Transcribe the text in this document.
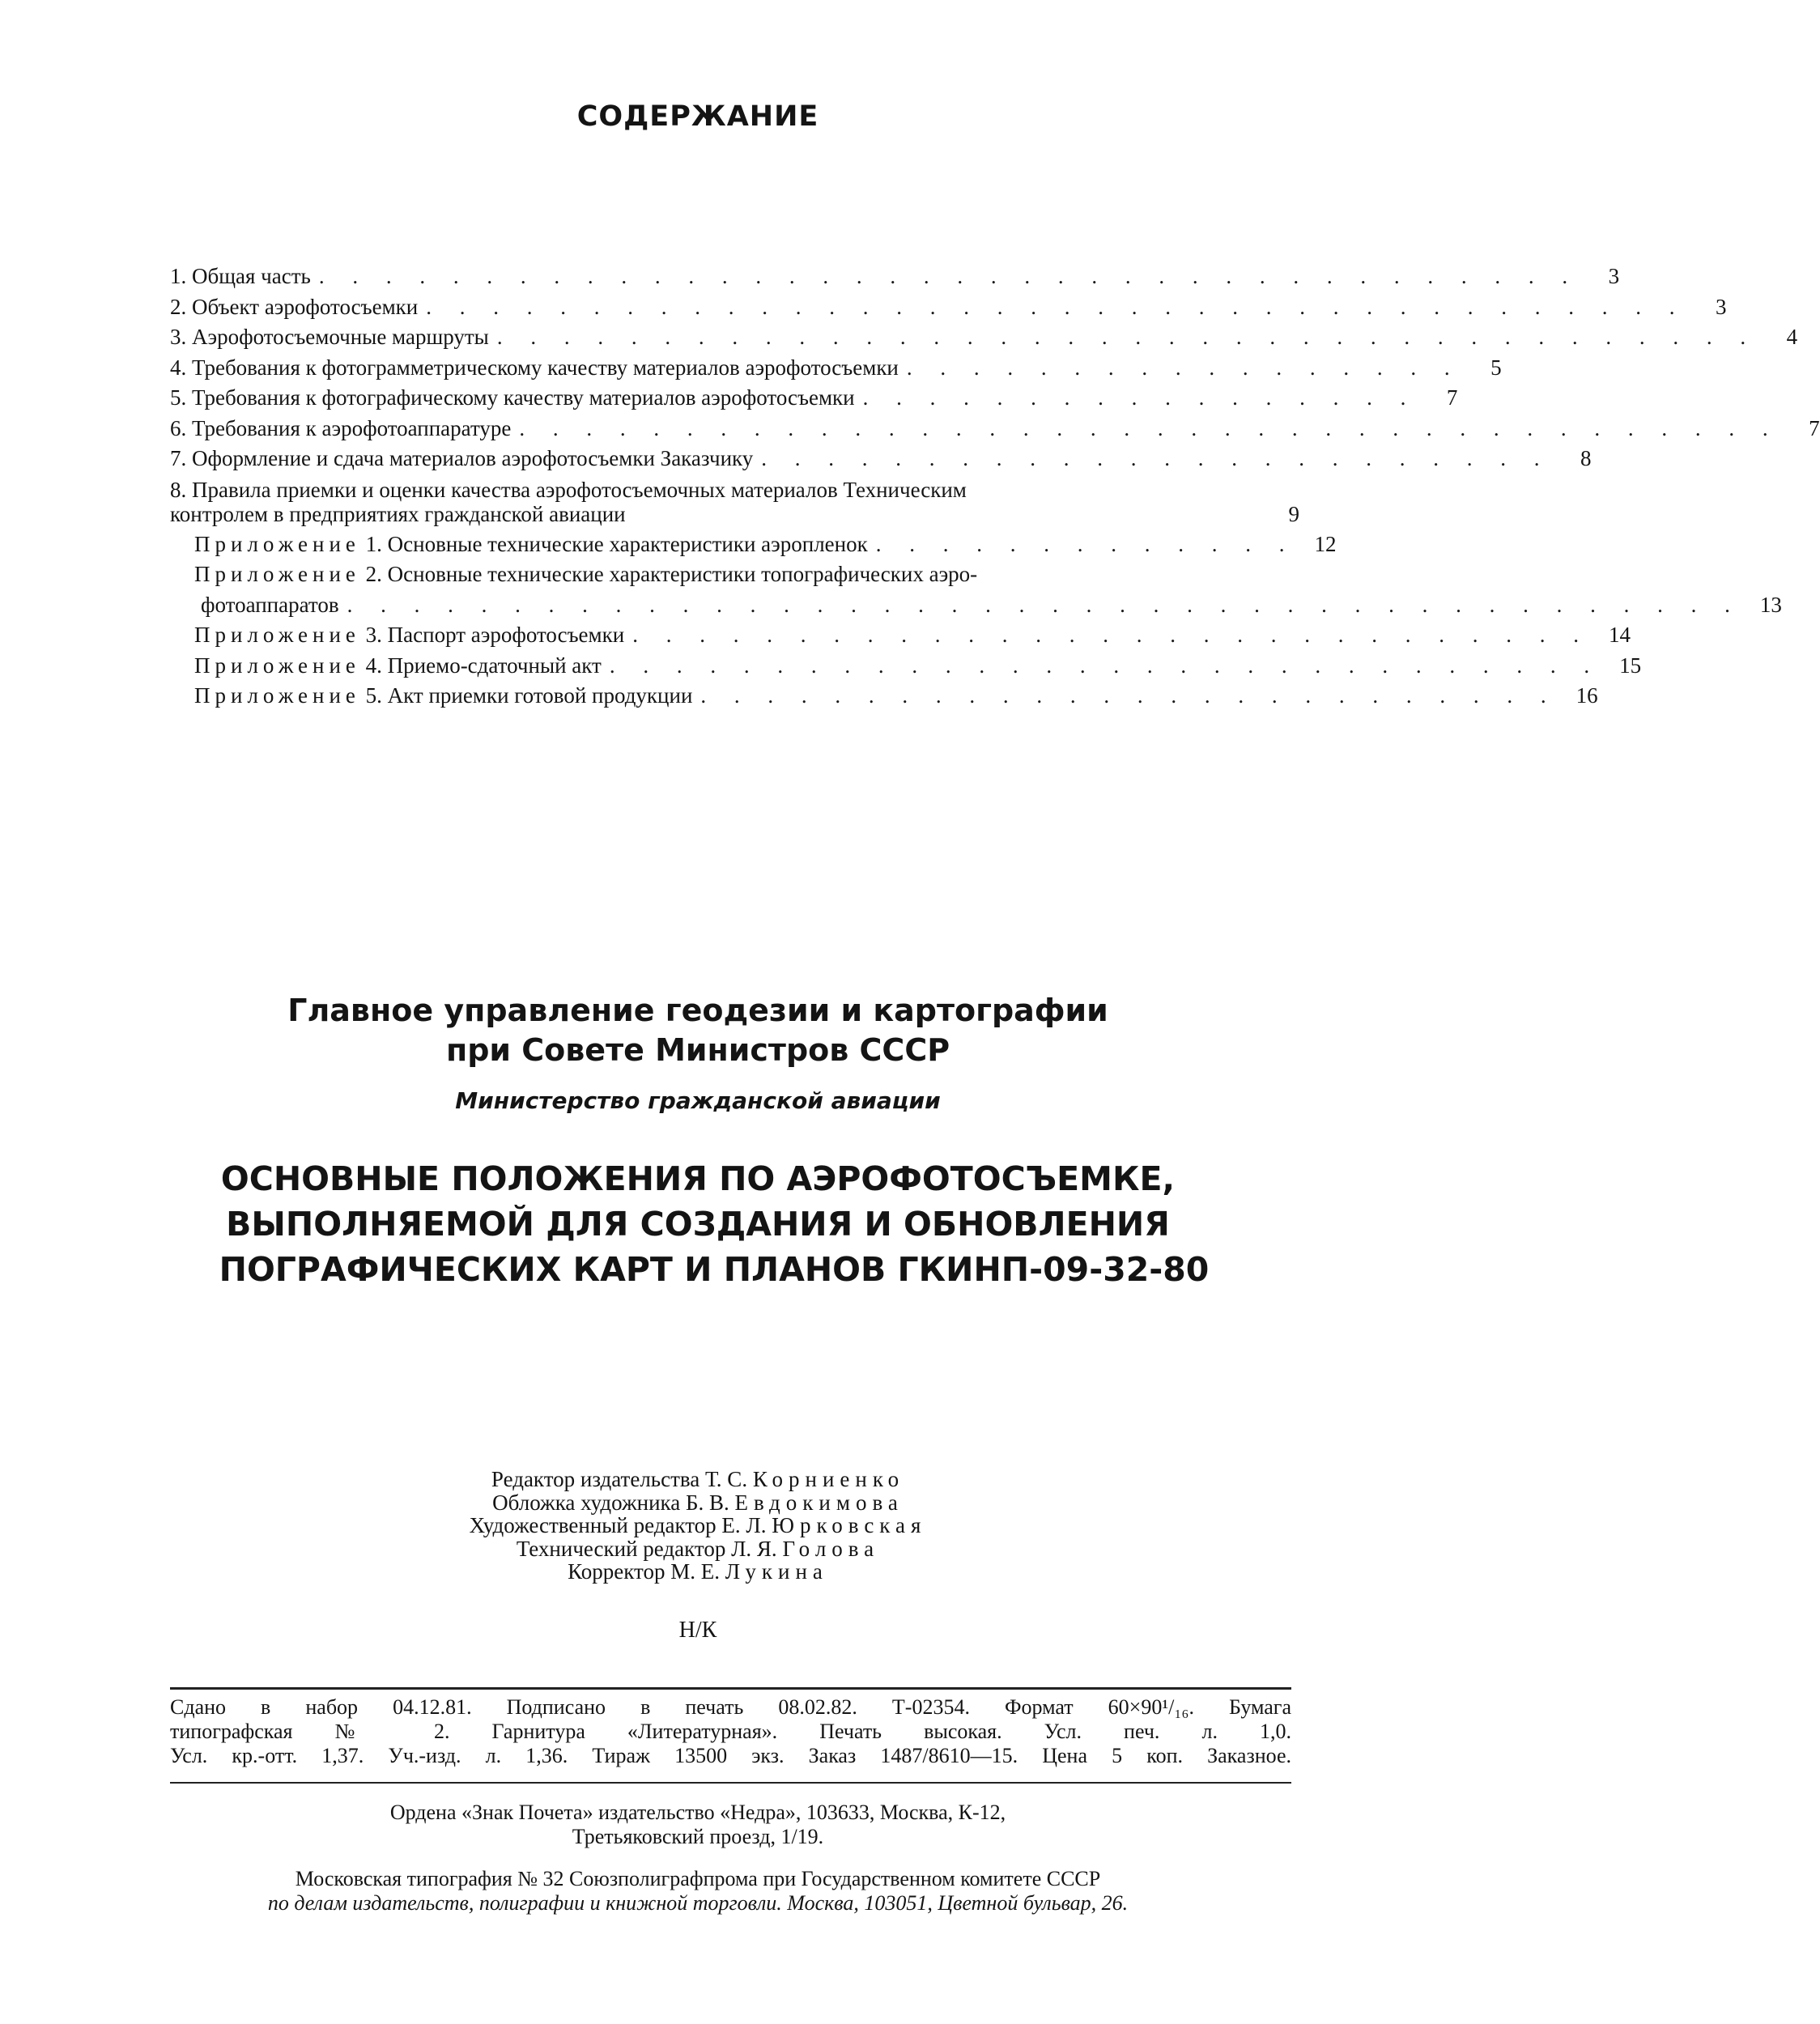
СОДЕРЖАНИЕ
1. Общая часть . . . . . . . . . . . . . . . . . . . . . . . . . . . . . . . . . . . . . .	3
2. Объект аэрофотосъемки . . . . . . . . . . . . . . . . . . . . . . . . . . . . . . . . . . . . . .	3
3. Аэрофотосъемочные маршруты . . . . . . . . . . . . . . . . . . . . . . . . . . . . . . . . . . . . . .	4
4. Требования к фотограмметрическому качеству материалов аэрофотосъемки . . . . . . . . . . . . . . . . .	5
5. Требования к фотографическому качеству материалов аэрофотосъемки . . . . . . . . . . . . . . . . .	7
6. Требования к аэрофотоаппаратуре . . . . . . . . . . . . . . . . . . . . . . . . . . . . . . . . . . . . . .	7
7. Оформление и сдача материалов аэрофотосъемки Заказчику . . . . . . . . . . . . . . . . . . . . . . . .	8
8. Правила приемки и оценки качества аэрофотосъемочных материалов Техническим
контролем в предприятиях гражданской авиации	9
Приложение 1. Основные технические характеристики аэропленок . . . . . . . . . . . . . 12
Приложение 2. Основные технические характеристики топографических аэро-
фотоаппаратов . . . . . . . . . . . . . . . . . . . . . . . . . . . . . . . . . . . . . . . . . . 13
Приложение 3. Паспорт аэрофотосъемки . . . . . . . . . . . . . . . . . . . . . . . . . . . . . 14
Приложение 4. Приемо-сдаточный акт . . . . . . . . . . . . . . . . . . . . . . . . . . . . . . 15
Приложение 5. Акт приемки готовой продукции . . . . . . . . . . . . . . . . . . . . . . . . . . 16
Главное управление геодезии и картографии
при Совете Министров СССР
Министерство гражданской авиации
ОСНОВНЫЕ ПОЛОЖЕНИЯ ПО АЭРОФОТОСЪЕМКЕ,
ВЫПОЛНЯЕМОЙ ДЛЯ СОЗДАНИЯ И ОБНОВЛЕНИЯ
ПОГРАФИЧЕСКИХ КАРТ И ПЛАНОВ ГКИНП-09-32-80
Редактор издательства Т. С. Корниенко
Обложка художника Б. В. Евдокимова
Художественный редактор Е. Л. Юрковская
Технический редактор Л. Я. Голова
Корректор М. Е. Лукина
Н/К
Сдано в набор 04.12.81. Подписано в печать 08.02.82. Т-02354. Формат 60×90¹/₁₆. Бумага
типографская № 2. Гарнитура «Литературная». Печать высокая. Усл. печ. л. 1,0.
Усл. кр.-отт. 1,37. Уч.-изд. л. 1,36. Тираж 13500 экз. Заказ 1487/8610—15. Цена 5 коп. Заказное.
Ордена «Знак Почета» издательство «Недра», 103633, Москва, К-12,
Третьяковский проезд, 1/19.
Московская типография № 32 Союзполиграфпрома при Государственном комитете СССР
по делам издательств, полиграфии и книжной торговли. Москва, 103051, Цветной бульвар, 26.
